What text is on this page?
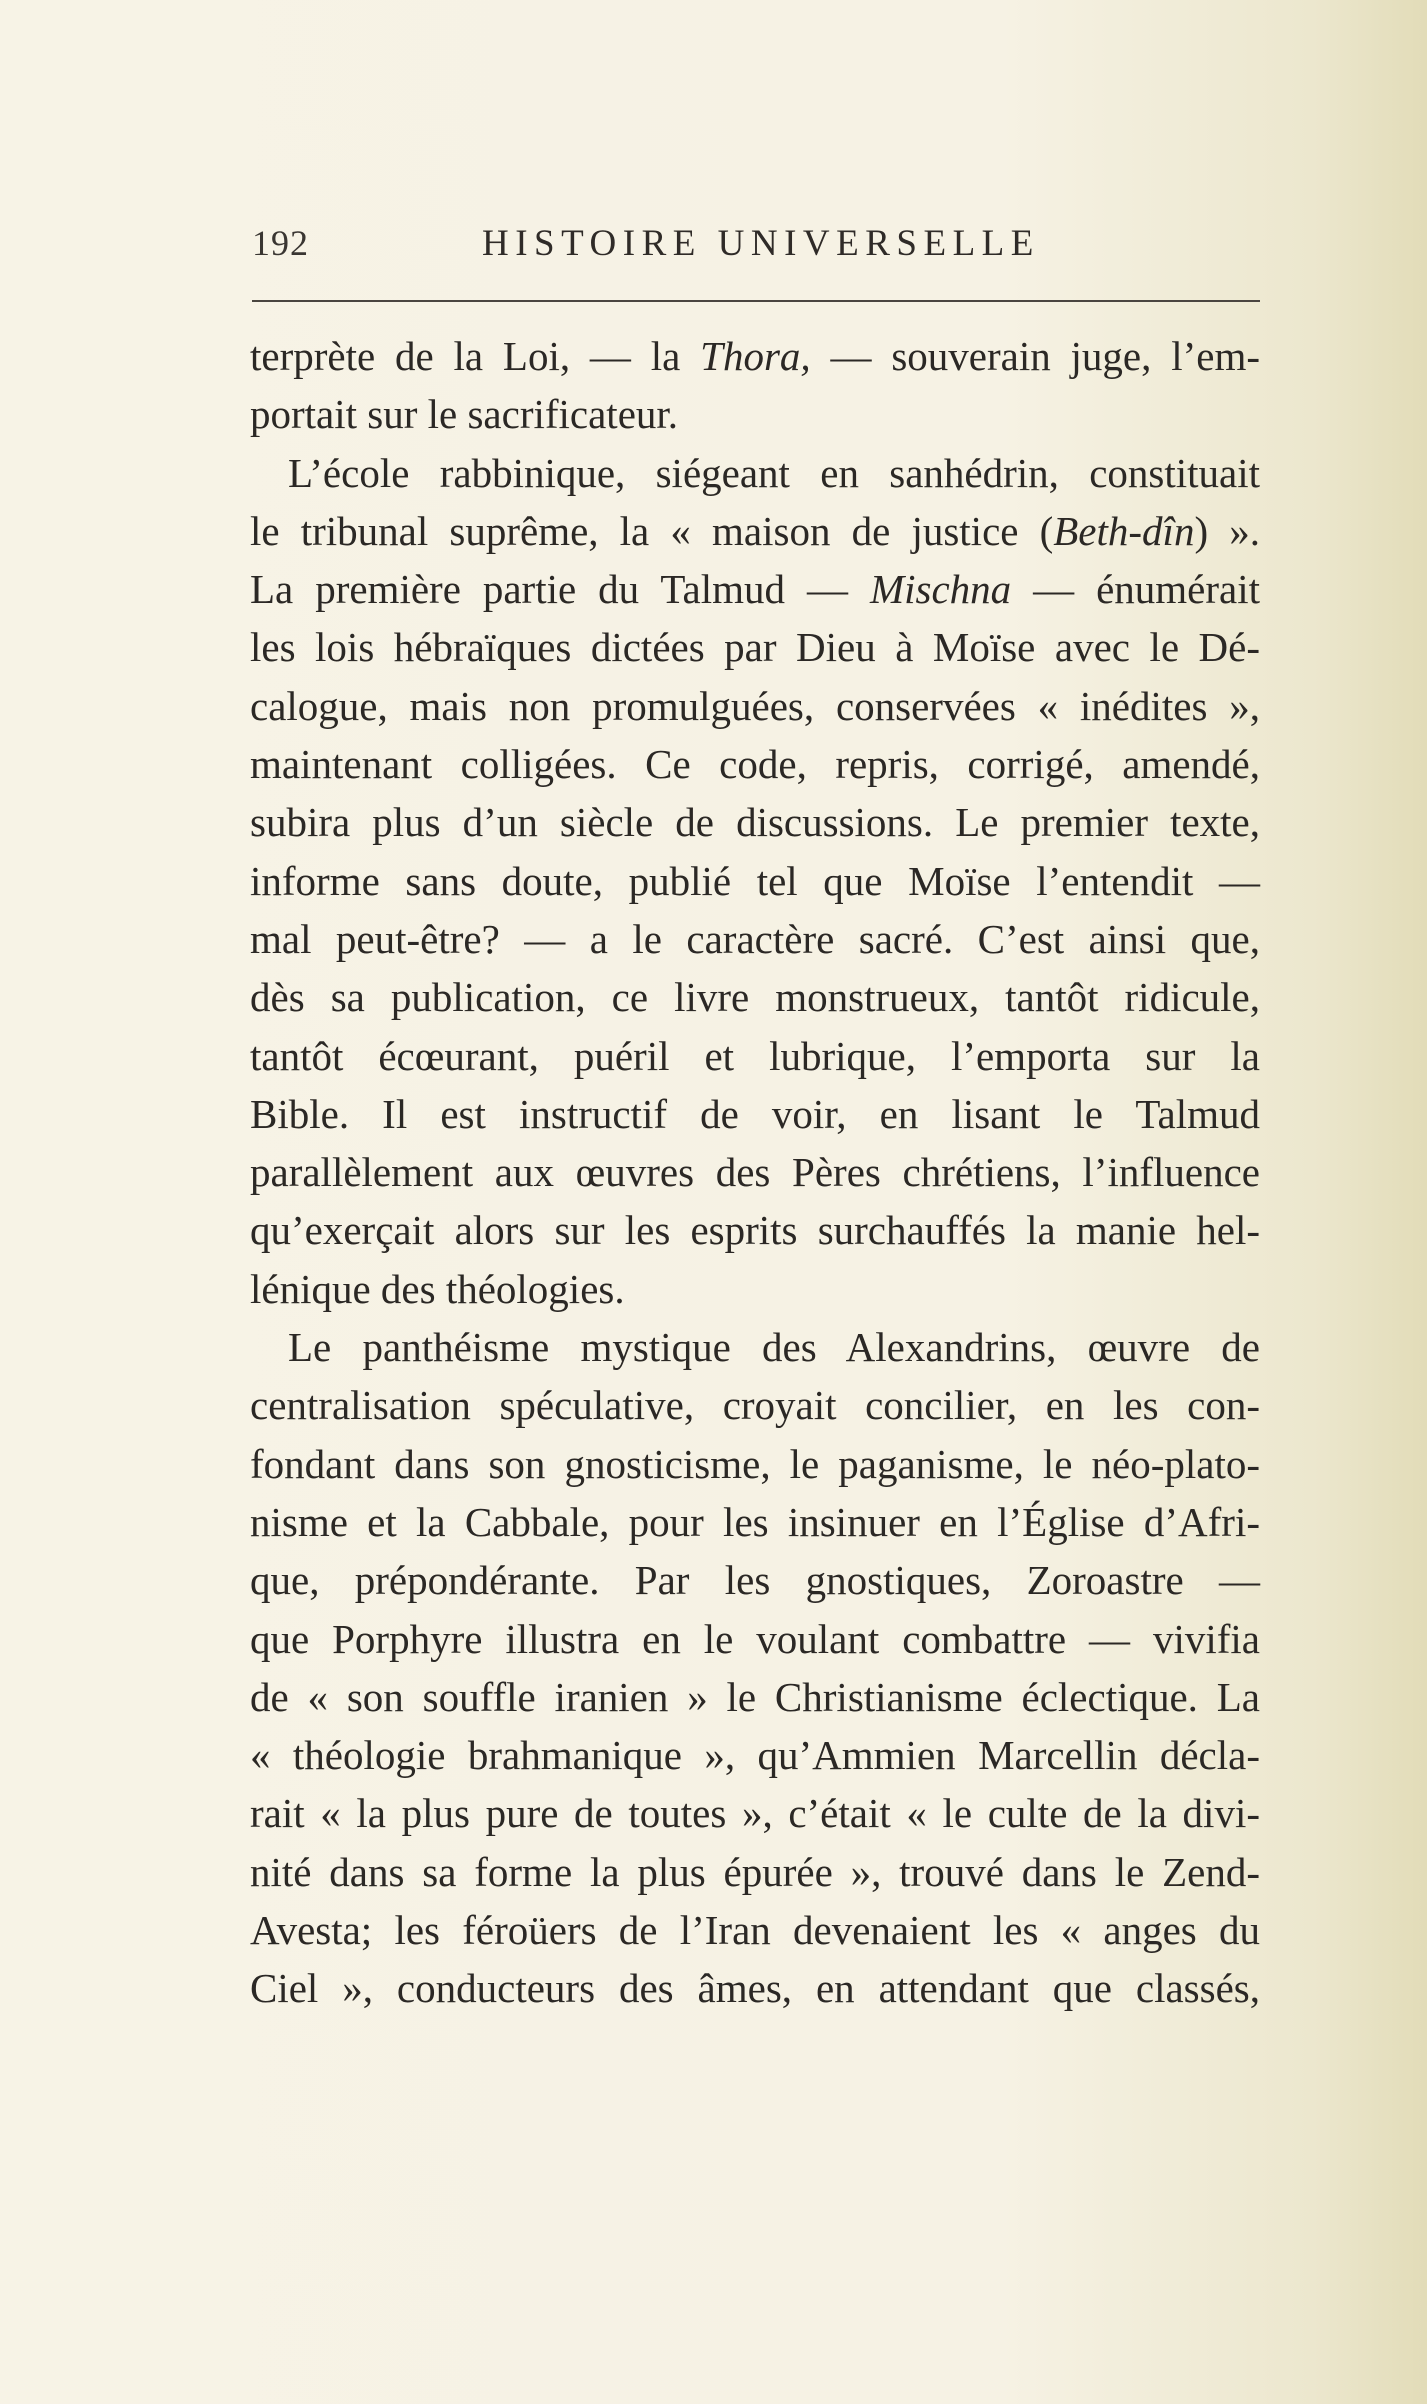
192	HISTOIRE UNIVERSELLE
terprète de la Loi, — la Thora, — souverain juge, l’em-
portait sur le sacrificateur.
L’école rabbinique, siégeant en sanhédrin, constituait
le tribunal suprême, la « maison de justice (Beth-dîn) ».
La première partie du Talmud — Mischna — énumérait
les lois hébraïques dictées par Dieu à Moïse avec le Dé-
calogue, mais non promulguées, conservées « inédites »,
maintenant colligées. Ce code, repris, corrigé, amendé,
subira plus d’un siècle de discussions. Le premier texte,
informe sans doute, publié tel que Moïse l’entendit —
mal peut-être? — a le caractère sacré. C’est ainsi que,
dès sa publication, ce livre monstrueux, tantôt ridicule,
tantôt écœurant, puéril et lubrique, l’emporta sur la
Bible. Il est instructif de voir, en lisant le Talmud
parallèlement aux œuvres des Pères chrétiens, l’influence
qu’exerçait alors sur les esprits surchauffés la manie hel-
lénique des théologies.
Le panthéisme mystique des Alexandrins, œuvre de
centralisation spéculative, croyait concilier, en les con-
fondant dans son gnosticisme, le paganisme, le néo-plato-
nisme et la Cabbale, pour les insinuer en l’Église d’Afri-
que, prépondérante. Par les gnostiques, Zoroastre —
que Porphyre illustra en le voulant combattre — vivifia
de « son souffle iranien » le Christianisme éclectique. La
« théologie brahmanique », qu’Ammien Marcellin décla-
rait « la plus pure de toutes », c’était « le culte de la divi-
nité dans sa forme la plus épurée », trouvé dans le Zend-
Avesta; les féroüers de l’Iran devenaient les « anges du
Ciel », conducteurs des âmes, en attendant que classés,
